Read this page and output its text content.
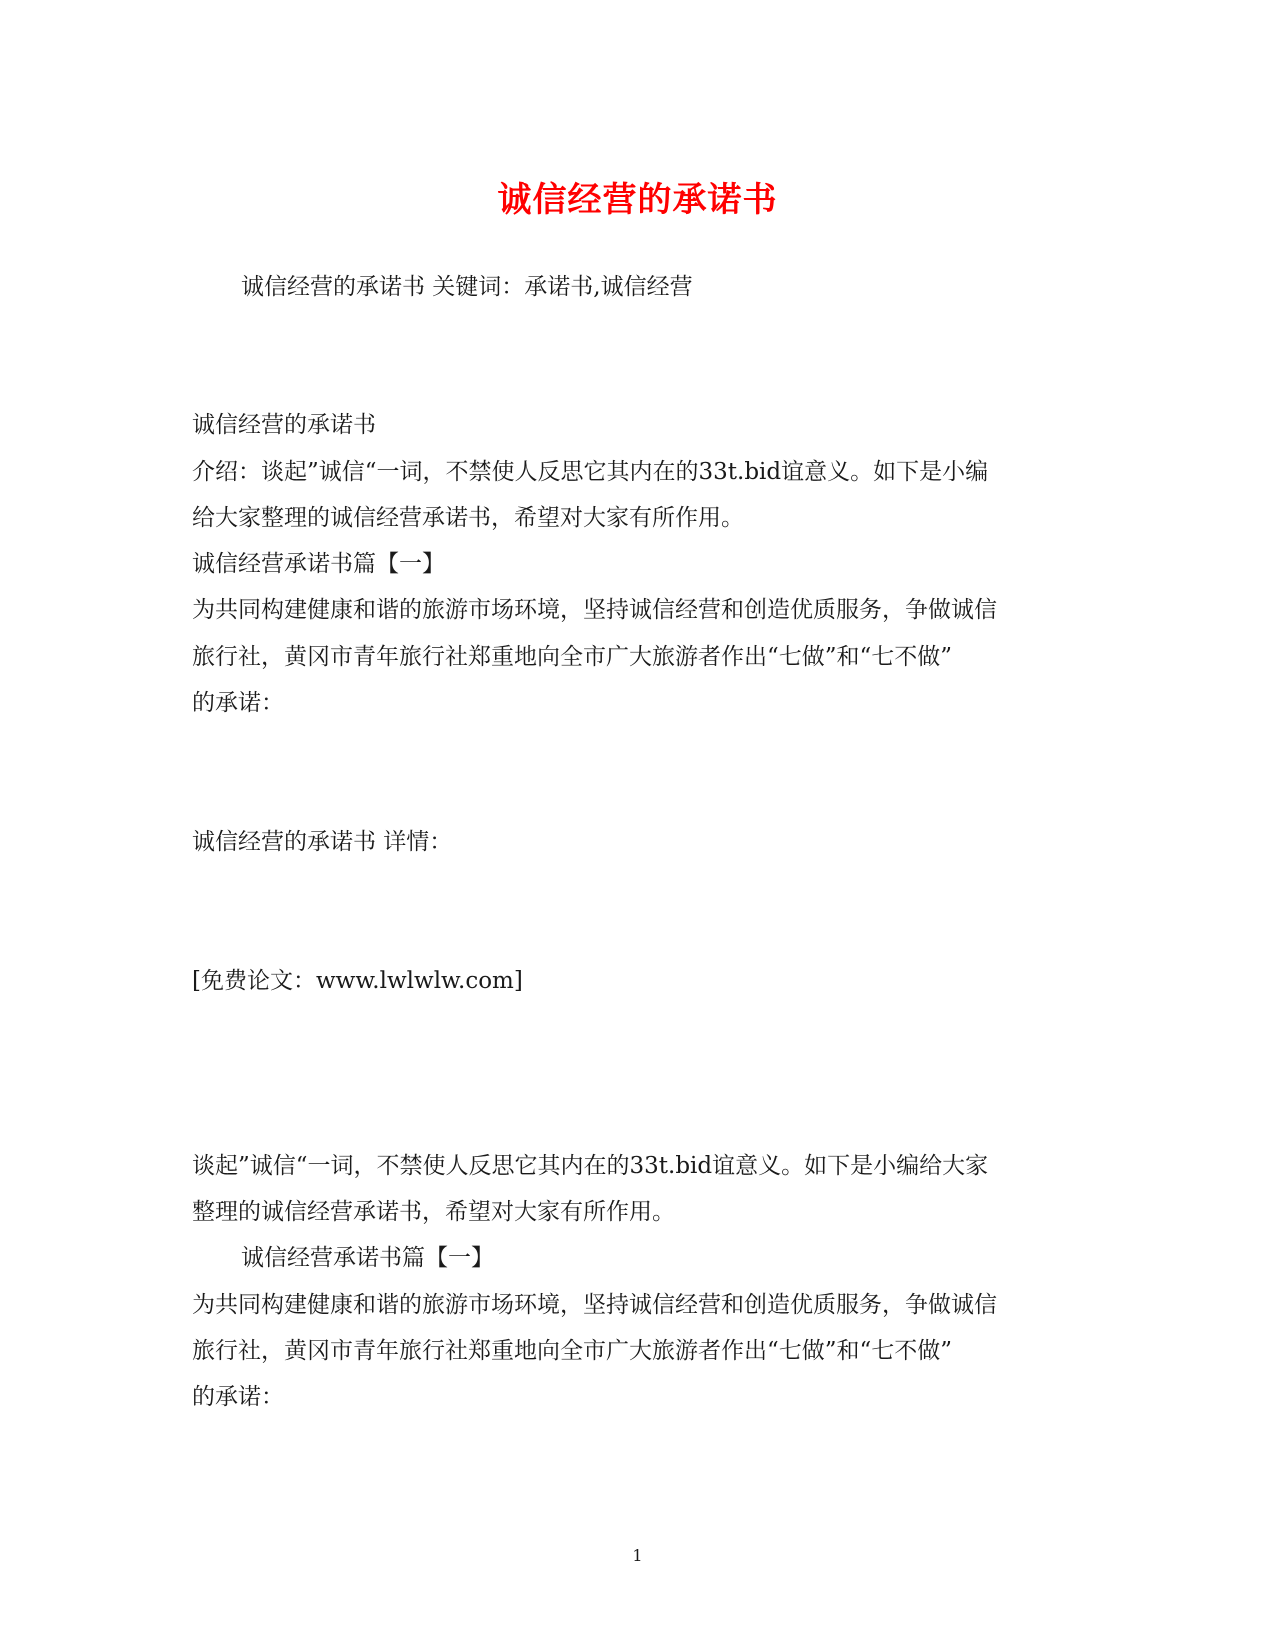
诚信经营的承诺书
诚信经营的承诺书 关键词：承诺书,诚信经营
诚信经营的承诺书
介绍：谈起”诚信“一词，不禁使人反思它其内在的33t.bid谊意义。如下是小编
给大家整理的诚信经营承诺书，希望对大家有所作用。
诚信经营承诺书篇【一】
为共同构建健康和谐的旅游市场环境，坚持诚信经营和创造优质服务，争做诚信
旅行社，黄冈市青年旅行社郑重地向全市广大旅游者作出“七做”和“七不做”
的承诺：
诚信经营的承诺书 详情：
[免费论文：www.lwlwlw.com]
谈起”诚信“一词，不禁使人反思它其内在的33t.bid谊意义。如下是小编给大家
整理的诚信经营承诺书，希望对大家有所作用。
诚信经营承诺书篇【一】
为共同构建健康和谐的旅游市场环境，坚持诚信经营和创造优质服务，争做诚信
旅行社，黄冈市青年旅行社郑重地向全市广大旅游者作出“七做”和“七不做”
的承诺：
1
